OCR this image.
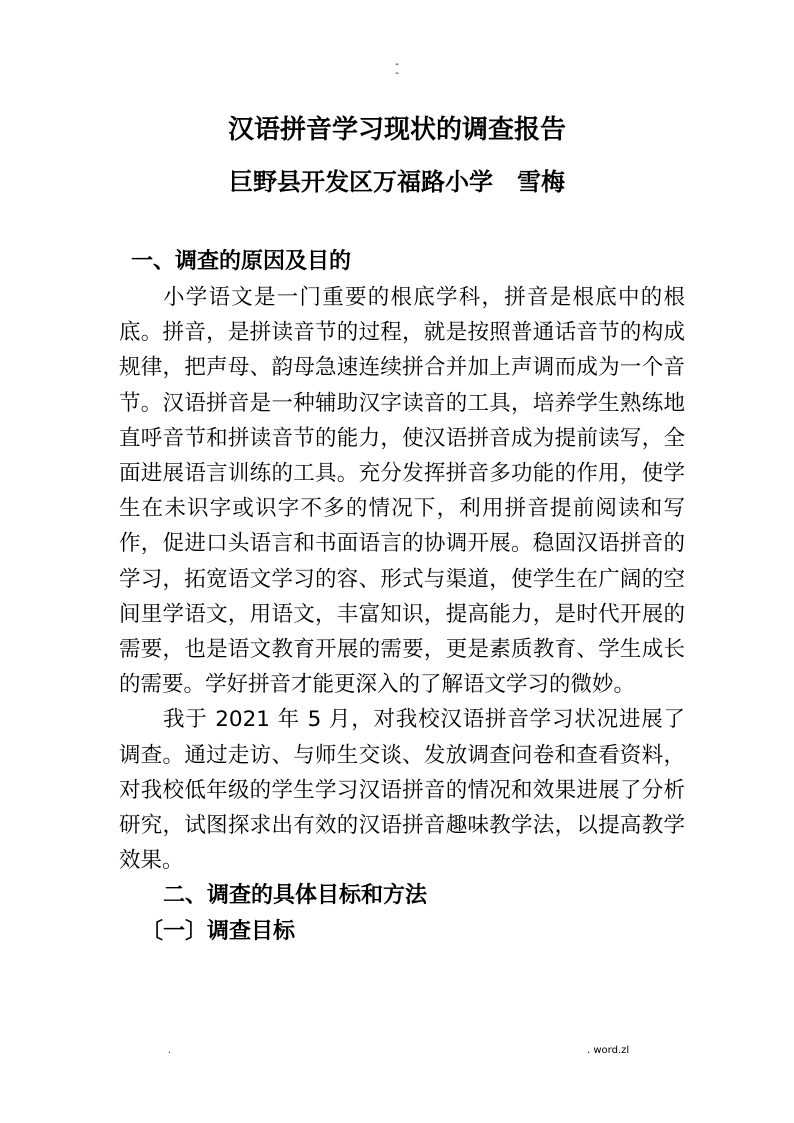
-
-
汉语拼音学习现状的调查报告
巨野县开发区万福路小学 雪梅
一、调查的原因及目的

小学语文是一门重要的根底学科，拼音是根底中的根底。拼音，是拼读音节的过程，就是按照普通话音节的构成规律，把声母、韵母急速连续拼合并加上声调而成为一个音节。汉语拼音是一种辅助汉字读音的工具，培养学生熟练地直呼音节和拼读音节的能力，使汉语拼音成为提前读写，全面进展语言训练的工具。充分发挥拼音多功能的作用，使学生在未识字或识字不多的情况下，利用拼音提前阅读和写作，促进口头语言和书面语言的协调开展。稳固汉语拼音的学习，拓宽语文学习的容、形式与渠道，使学生在广阔的空间里学语文，用语文，丰富知识，提高能力，是时代开展的需要，也是语文教育开展的需要，更是素质教育、学生成长的需要。学好拼音才能更深入的了解语文学习的微妙。

我于 2021 年 5 月，对我校汉语拼音学习状况进展了调查。通过走访、与师生交谈、发放调查问卷和查看资料，对我校低年级的学生学习汉语拼音的情况和效果进展了分析研究，试图探求出有效的汉语拼音趣味教学法，以提高教学效果。

二、调查的具体目标和方法
〔一〕调查目标
.	. word.zl
